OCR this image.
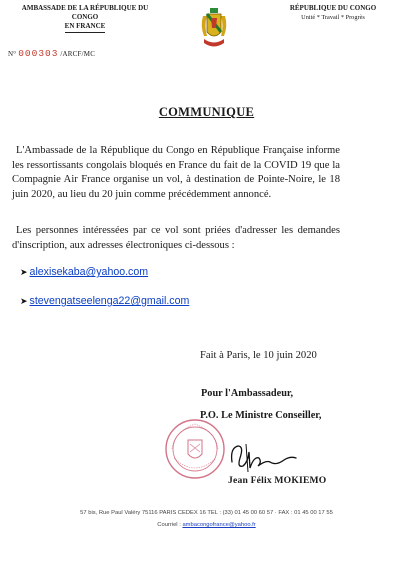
AMBASSADE DE LA RÉPUBLIQUE DU CONGO
EN FRANCE
RÉPUBLIQUE DU CONGO
Unité * Travail * Progrès
N° 000303 /ARCF/MC
COMMUNIQUE
L'Ambassade de la République du Congo en République Française informe les ressortissants congolais bloqués en France du fait de la COVID 19 que la Compagnie Air France organise un vol, à destination de Pointe-Noire, le 18 juin 2020, au lieu du 20 juin comme précédemment annoncé.
Les personnes intéressées par ce vol sont priées d'adresser les demandes d'inscription, aux adresses électroniques ci-dessous :
➤ alexisekaba@yahoo.com
➤ stevengatseelenga22@gmail.com
Fait à Paris, le 10 juin 2020
Pour l'Ambassadeur,
P.O. Le Ministre Conseiller,
Jean Félix MOKIEMO
57 bis, Rue Paul Valéry 75116 PARIS CEDEX 16 TEL : (33) 01 45 00 60 57 · FAX : 01 45 00 17 55
Courriel : ambacongofrance@yahoo.fr
